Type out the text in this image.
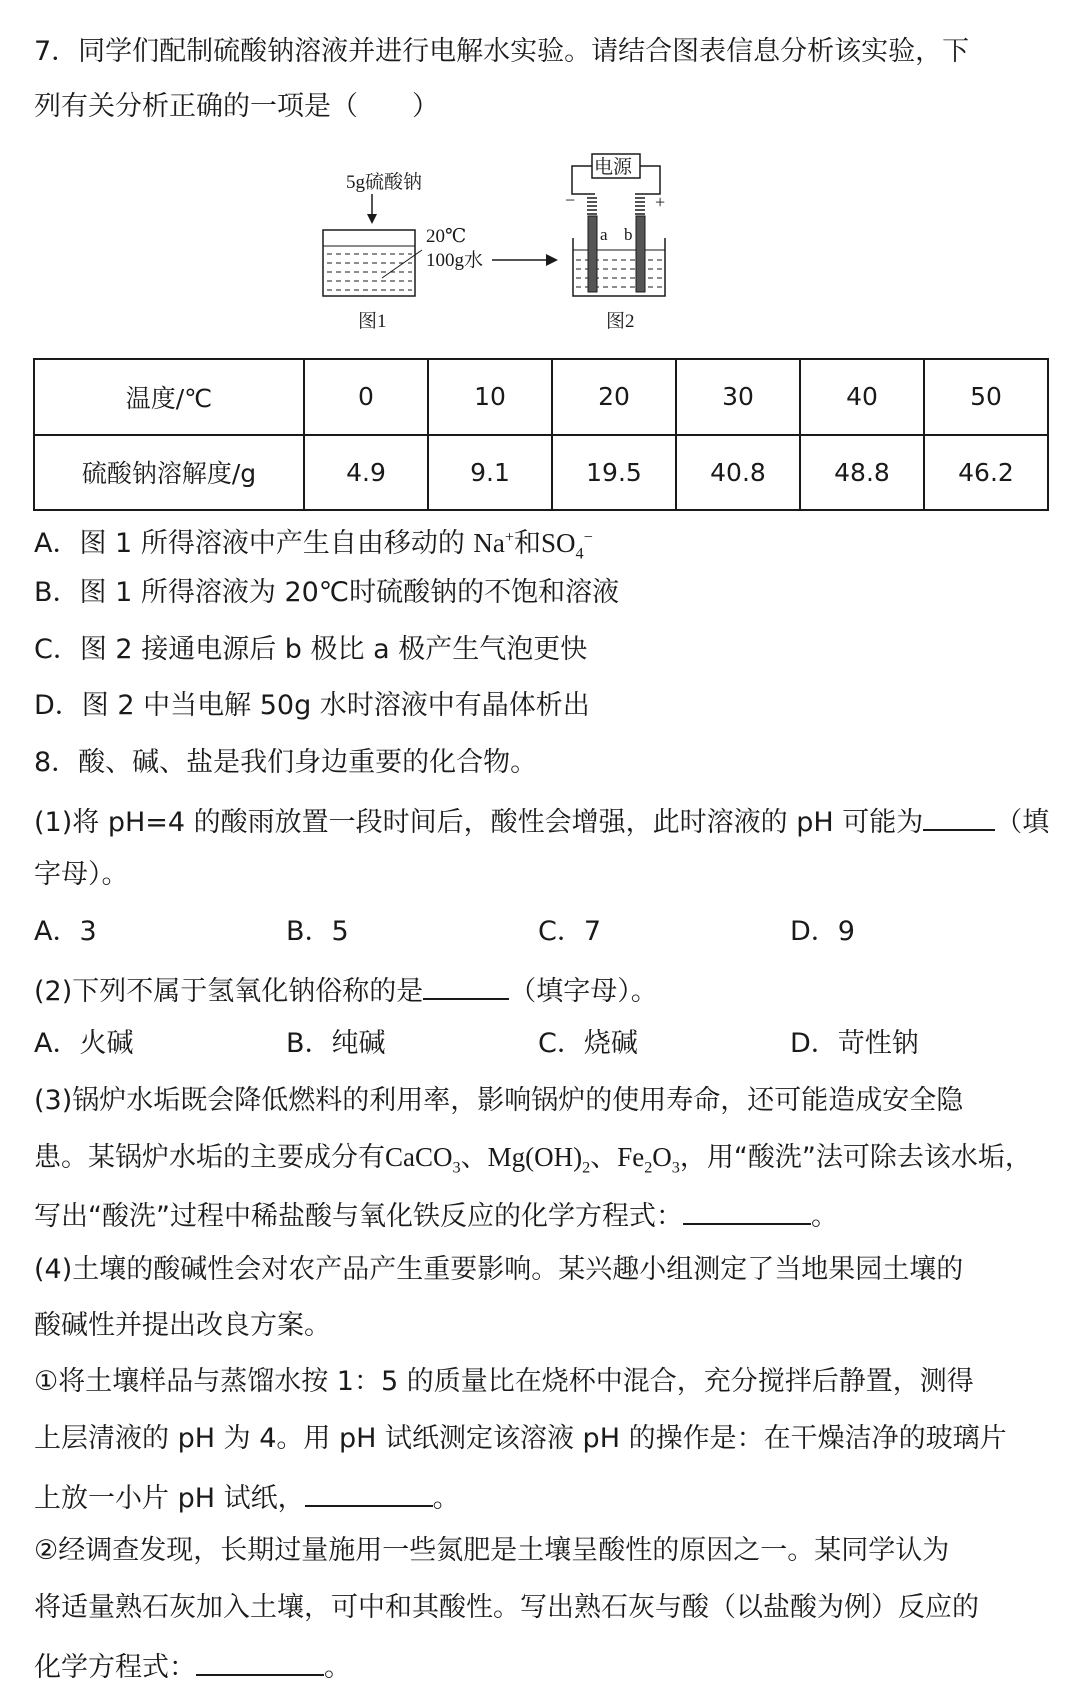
7．同学们配制硫酸钠溶液并进行电解水实验。请结合图表信息分析该实验，下
列有关分析正确的一项是（　　）
5g硫酸钠
20℃
100g水
图1
电源
−	+
a b
图2
温度/℃	0	10	20	30	40	50
硫酸钠溶解度/g	4.9	9.1	19.5	40.8	48.8	46.2
A．图 1 所得溶液中产生自由移动的 Na+和$SO_4^-$
B．图 1 所得溶液为 20℃时硫酸钠的不饱和溶液
C．图 2 接通电源后 b 极比 a 极产生气泡更快
D．图 2 中当电解 50g 水时溶液中有晶体析出
8．酸、碱、盐是我们身边重要的化合物。
(1)将 pH=4 的酸雨放置一段时间后，酸性会增强，此时溶液的 pH 可能为	（填
字母）。
A．3	B．5	C．7	D．9
(2)下列不属于氢氧化钠俗称的是	（填字母）。
A．火碱	B．纯碱	C．烧碱	D．苛性钠
(3)锅炉水垢既会降低燃料的利用率，影响锅炉的使用寿命，还可能造成安全隐
患。某锅炉水垢的主要成分有CaCO$_3$、$Mg(OH)_2$、$Fe_2O_3$，用“酸洗”法可除去该水垢，
写出“酸洗”过程中稀盐酸与氧化铁反应的化学方程式：	。
(4)土壤的酸碱性会对农产品产生重要影响。某兴趣小组测定了当地果园土壤的
酸碱性并提出改良方案。
①将土壤样品与蒸馏水按 1：5 的质量比在烧杯中混合，充分搅拌后静置，测得
上层清液的 pH 为 4。用 pH 试纸测定该溶液 pH 的操作是：在干燥洁净的玻璃片
上放一小片 pH 试纸，	。
②经调查发现，长期过量施用一些氮肥是土壤呈酸性的原因之一。某同学认为
将适量熟石灰加入土壤，可中和其酸性。写出熟石灰与酸（以盐酸为例）反应的
化学方程式：	。
